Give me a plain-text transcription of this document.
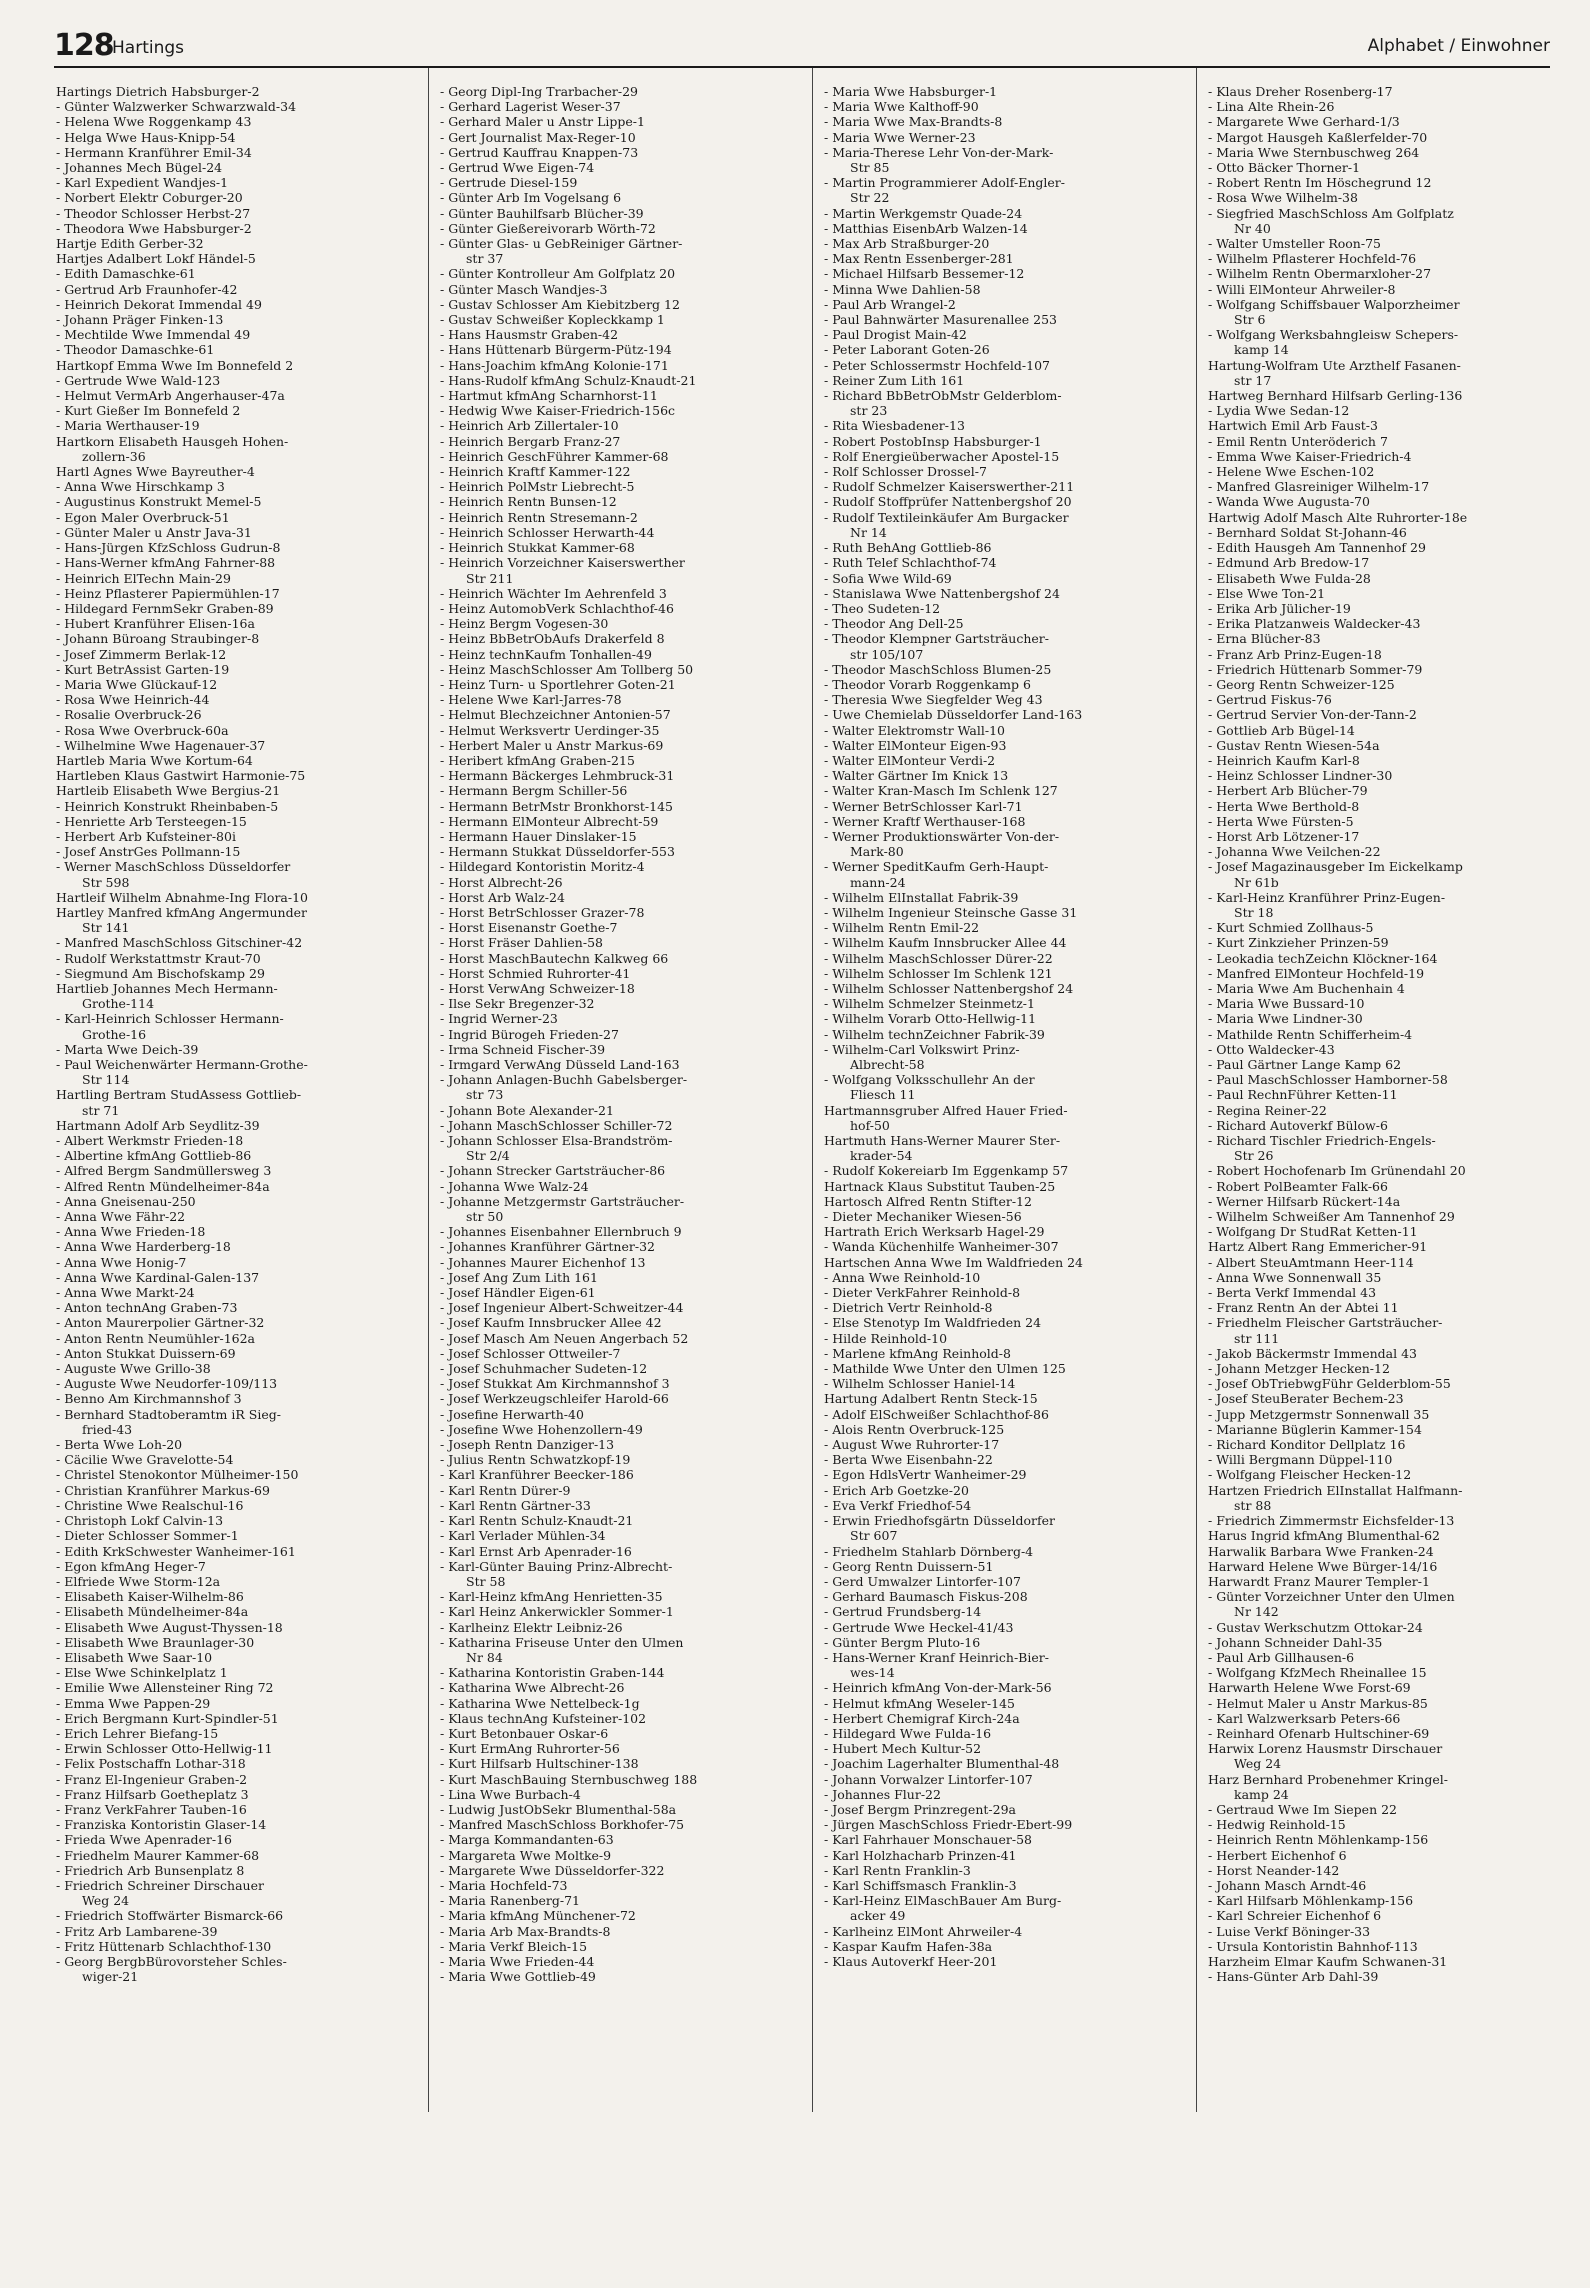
128
Hartings	Alphabet / Einwohner
Hartings Dietrich Habsburger-2
- Günter Walzwerker Schwarzwald-34
- Helena Wwe Roggenkamp 43
- Helga Wwe Haus-Knipp-54
- Hermann Kranführer Emil-34
- Johannes Mech Bügel-24
- Karl Expedient Wandjes-1
- Norbert Elektr Coburger-20
- Theodor Schlosser Herbst-27
- Theodora Wwe Habsburger-2
Hartje Edith Gerber-32
Hartjes Adalbert Lokf Händel-5
- Edith Damaschke-61
- Gertrud Arb Fraunhofer-42
- Heinrich Dekorat Immendal 49
- Johann Präger Finken-13
- Mechtilde Wwe Immendal 49
- Theodor Damaschke-61
Hartkopf Emma Wwe Im Bonnefeld 2
- Gertrude Wwe Wald-123
- Helmut VermArb Angerhauser-47a
- Kurt Gießer Im Bonnefeld 2
- Maria Werthauser-19
Hartkorn Elisabeth Hausgeh Hohen-
zollern-36
Hartl Agnes Wwe Bayreuther-4
- Anna Wwe Hirschkamp 3
- Augustinus Konstrukt Memel-5
- Egon Maler Overbruck-51
- Günter Maler u Anstr Java-31
- Hans-Jürgen KfzSchloss Gudrun-8
- Hans-Werner kfmAng Fahrner-88
- Heinrich ElTechn Main-29
- Heinz Pflasterer Papiermühlen-17
- Hildegard FernmSekr Graben-89
- Hubert Kranführer Elisen-16a
- Johann Büroang Straubinger-8
- Josef Zimmerm Berlak-12
- Kurt BetrAssist Garten-19
- Maria Wwe Glückauf-12
- Rosa Wwe Heinrich-44
- Rosalie Overbruck-26
- Rosa Wwe Overbruck-60a
- Wilhelmine Wwe Hagenauer-37
Hartleb Maria Wwe Kortum-64
Hartleben Klaus Gastwirt Harmonie-75
Hartleib Elisabeth Wwe Bergius-21
- Heinrich Konstrukt Rheinbaben-5
- Henriette Arb Tersteegen-15
- Herbert Arb Kufsteiner-80i
- Josef AnstrGes Pollmann-15
- Werner MaschSchloss Düsseldorfer
Str 598
Hartleif Wilhelm Abnahme-Ing Flora-10
Hartley Manfred kfmAng Angermunder
Str 141
- Manfred MaschSchloss Gitschiner-42
- Rudolf Werkstattmstr Kraut-70
- Siegmund Am Bischofskamp 29
Hartlieb Johannes Mech Hermann-
Grothe-114
- Karl-Heinrich Schlosser Hermann-
Grothe-16
- Marta Wwe Deich-39
- Paul Weichenwärter Hermann-Grothe-
Str 114
Hartling Bertram StudAssess Gottlieb-
str 71
Hartmann Adolf Arb Seydlitz-39
- Albert Werkmstr Frieden-18
- Albertine kfmAng Gottlieb-86
- Alfred Bergm Sandmüllersweg 3
- Alfred Rentn Mündelheimer-84a
- Anna Gneisenau-250
- Anna Wwe Fähr-22
- Anna Wwe Frieden-18
- Anna Wwe Harderberg-18
- Anna Wwe Honig-7
- Anna Wwe Kardinal-Galen-137
- Anna Wwe Markt-24
- Anton technAng Graben-73
- Anton Maurerpolier Gärtner-32
- Anton Rentn Neumühler-162a
- Anton Stukkat Duissern-69
- Auguste Wwe Grillo-38
- Auguste Wwe Neudorfer-109/113
- Benno Am Kirchmannshof 3
- Bernhard Stadtoberamtm iR Sieg-
fried-43
- Berta Wwe Loh-20
- Cäcilie Wwe Gravelotte-54
- Christel Stenokontor Mülheimer-150
- Christian Kranführer Markus-69
- Christine Wwe Realschul-16
- Christoph Lokf Calvin-13
- Dieter Schlosser Sommer-1
- Edith KrkSchwester Wanheimer-161
- Egon kfmAng Heger-7
- Elfriede Wwe Storm-12a
- Elisabeth Kaiser-Wilhelm-86
- Elisabeth Mündelheimer-84a
- Elisabeth Wwe August-Thyssen-18
- Elisabeth Wwe Braunlager-30
- Elisabeth Wwe Saar-10
- Else Wwe Schinkelplatz 1
- Emilie Wwe Allensteiner Ring 72
- Emma Wwe Pappen-29
- Erich Bergmann Kurt-Spindler-51
- Erich Lehrer Biefang-15
- Erwin Schlosser Otto-Hellwig-11
- Felix Postschaffn Lothar-318
- Franz El-Ingenieur Graben-2
- Franz Hilfsarb Goetheplatz 3
- Franz VerkFahrer Tauben-16
- Franziska Kontoristin Glaser-14
- Frieda Wwe Apenrader-16
- Friedhelm Maurer Kammer-68
- Friedrich Arb Bunsenplatz 8
- Friedrich Schreiner Dirschauer
Weg 24
- Friedrich Stoffwärter Bismarck-66
- Fritz Arb Lambarene-39
- Fritz Hüttenarb Schlachthof-130
- Georg BergbBürovorsteher Schles-
wiger-21
- Georg Dipl-Ing Trarbacher-29
- Gerhard Lagerist Weser-37
- Gerhard Maler u Anstr Lippe-1
- Gert Journalist Max-Reger-10
- Gertrud Kauffrau Knappen-73
- Gertrud Wwe Eigen-74
- Gertrude Diesel-159
- Günter Arb Im Vogelsang 6
- Günter Bauhilfsarb Blücher-39
- Günter Gießereivorarb Wörth-72
- Günter Glas- u GebReiniger Gärtner-
str 37
- Günter Kontrolleur Am Golfplatz 20
- Günter Masch Wandjes-3
- Gustav Schlosser Am Kiebitzberg 12
- Gustav Schweißer Kopleckkamp 1
- Hans Hausmstr Graben-42
- Hans Hüttenarb Bürgerm-Pütz-194
- Hans-Joachim kfmAng Kolonie-171
- Hans-Rudolf kfmAng Schulz-Knaudt-21
- Hartmut kfmAng Scharnhorst-11
- Hedwig Wwe Kaiser-Friedrich-156c
- Heinrich Arb Zillertaler-10
- Heinrich Bergarb Franz-27
- Heinrich GeschFührer Kammer-68
- Heinrich Kraftf Kammer-122
- Heinrich PolMstr Liebrecht-5
- Heinrich Rentn Bunsen-12
- Heinrich Rentn Stresemann-2
- Heinrich Schlosser Herwarth-44
- Heinrich Stukkat Kammer-68
- Heinrich Vorzeichner Kaiserswerther
Str 211
- Heinrich Wächter Im Aehrenfeld 3
- Heinz AutomobVerk Schlachthof-46
- Heinz Bergm Vogesen-30
- Heinz BbBetrObAufs Drakerfeld 8
- Heinz technKaufm Tonhallen-49
- Heinz MaschSchlosser Am Tollberg 50
- Heinz Turn- u Sportlehrer Goten-21
- Helene Wwe Karl-Jarres-78
- Helmut Blechzeichner Antonien-57
- Helmut Werksvertr Uerdinger-35
- Herbert Maler u Anstr Markus-69
- Heribert kfmAng Graben-215
- Hermann Bäckerges Lehmbruck-31
- Hermann Bergm Schiller-56
- Hermann BetrMstr Bronkhorst-145
- Hermann ElMonteur Albrecht-59
- Hermann Hauer Dinslaker-15
- Hermann Stukkat Düsseldorfer-553
- Hildegard Kontoristin Moritz-4
- Horst Albrecht-26
- Horst Arb Walz-24
- Horst BetrSchlosser Grazer-78
- Horst Eisenanstr Goethe-7
- Horst Fräser Dahlien-58
- Horst MaschBautechn Kalkweg 66
- Horst Schmied Ruhrorter-41
- Horst VerwAng Schweizer-18
- Ilse Sekr Bregenzer-32
- Ingrid Werner-23
- Ingrid Bürogeh Frieden-27
- Irma Schneid Fischer-39
- Irmgard VerwAng Düsseld Land-163
- Johann Anlagen-Buchh Gabelsberger-
str 73
- Johann Bote Alexander-21
- Johann MaschSchlosser Schiller-72
- Johann Schlosser Elsa-Brandström-
Str 2/4
- Johann Strecker Gartsträucher-86
- Johanna Wwe Walz-24
- Johanne Metzgermstr Gartsträucher-
str 50
- Johannes Eisenbahner Ellernbruch 9
- Johannes Kranführer Gärtner-32
- Johannes Maurer Eichenhof 13
- Josef Ang Zum Lith 161
- Josef Händler Eigen-61
- Josef Ingenieur Albert-Schweitzer-44
- Josef Kaufm Innsbrucker Allee 42
- Josef Masch Am Neuen Angerbach 52
- Josef Schlosser Ottweiler-7
- Josef Schuhmacher Sudeten-12
- Josef Stukkat Am Kirchmannshof 3
- Josef Werkzeugschleifer Harold-66
- Josefine Herwarth-40
- Josefine Wwe Hohenzollern-49
- Joseph Rentn Danziger-13
- Julius Rentn Schwatzkopf-19
- Karl Kranführer Beecker-186
- Karl Rentn Dürer-9
- Karl Rentn Gärtner-33
- Karl Rentn Schulz-Knaudt-21
- Karl Verlader Mühlen-34
- Karl Ernst Arb Apenrader-16
- Karl-Günter Bauing Prinz-Albrecht-
Str 58
- Karl-Heinz kfmAng Henrietten-35
- Karl Heinz Ankerwickler Sommer-1
- Karlheinz Elektr Leibniz-26
- Katharina Friseuse Unter den Ulmen
Nr 84
- Katharina Kontoristin Graben-144
- Katharina Wwe Albrecht-26
- Katharina Wwe Nettelbeck-1g
- Klaus technAng Kufsteiner-102
- Kurt Betonbauer Oskar-6
- Kurt ErmAng Ruhrorter-56
- Kurt Hilfsarb Hultschiner-138
- Kurt MaschBauing Sternbuschweg 188
- Lina Wwe Burbach-4
- Ludwig JustObSekr Blumenthal-58a
- Manfred MaschSchloss Borkhofer-75
- Marga Kommandanten-63
- Margareta Wwe Moltke-9
- Margarete Wwe Düsseldorfer-322
- Maria Hochfeld-73
- Maria Ranenberg-71
- Maria kfmAng Münchener-72
- Maria Arb Max-Brandts-8
- Maria Verkf Bleich-15
- Maria Wwe Frieden-44
- Maria Wwe Gottlieb-49
- Maria Wwe Habsburger-1
- Maria Wwe Kalthoff-90
- Maria Wwe Max-Brandts-8
- Maria Wwe Werner-23
- Maria-Therese Lehr Von-der-Mark-
Str 85
- Martin Programmierer Adolf-Engler-
Str 22
- Martin Werkgemstr Quade-24
- Matthias EisenbArb Walzen-14
- Max Arb Straßburger-20
- Max Rentn Essenberger-281
- Michael Hilfsarb Bessemer-12
- Minna Wwe Dahlien-58
- Paul Arb Wrangel-2
- Paul Bahnwärter Masurenallee 253
- Paul Drogist Main-42
- Peter Laborant Goten-26
- Peter Schlossermstr Hochfeld-107
- Reiner Zum Lith 161
- Richard BbBetrObMstr Gelderblom-
str 23
- Rita Wiesbadener-13
- Robert PostobInsp Habsburger-1
- Rolf Energieüberwacher Apostel-15
- Rolf Schlosser Drossel-7
- Rudolf Schmelzer Kaiserswerther-211
- Rudolf Stoffprüfer Nattenbergshof 20
- Rudolf Textileinkäufer Am Burgacker
Nr 14
- Ruth BehAng Gottlieb-86
- Ruth Telef Schlachthof-74
- Sofia Wwe Wild-69
- Stanislawa Wwe Nattenbergshof 24
- Theo Sudeten-12
- Theodor Ang Dell-25
- Theodor Klempner Gartsträucher-
str 105/107
- Theodor MaschSchloss Blumen-25
- Theodor Vorarb Roggenkamp 6
- Theresia Wwe Siegfelder Weg 43
- Uwe Chemielab Düsseldorfer Land-163
- Walter Elektromstr Wall-10
- Walter ElMonteur Eigen-93
- Walter ElMonteur Verdi-2
- Walter Gärtner Im Knick 13
- Walter Kran-Masch Im Schlenk 127
- Werner BetrSchlosser Karl-71
- Werner Kraftf Werthauser-168
- Werner Produktionswärter Von-der-
Mark-80
- Werner SpeditKaufm Gerh-Haupt-
mann-24
- Wilhelm ElInstallat Fabrik-39
- Wilhelm Ingenieur Steinsche Gasse 31
- Wilhelm Rentn Emil-22
- Wilhelm Kaufm Innsbrucker Allee 44
- Wilhelm MaschSchlosser Dürer-22
- Wilhelm Schlosser Im Schlenk 121
- Wilhelm Schlosser Nattenbergshof 24
- Wilhelm Schmelzer Steinmetz-1
- Wilhelm Vorarb Otto-Hellwig-11
- Wilhelm technZeichner Fabrik-39
- Wilhelm-Carl Volkswirt Prinz-
Albrecht-58
- Wolfgang Volksschullehr An der
Fliesch 11
Hartmannsgruber Alfred Hauer Fried-
hof-50
Hartmuth Hans-Werner Maurer Ster-
krader-54
- Rudolf Kokereiarb Im Eggenkamp 57
Hartnack Klaus Substitut Tauben-25
Hartosch Alfred Rentn Stifter-12
- Dieter Mechaniker Wiesen-56
Hartrath Erich Werksarb Hagel-29
- Wanda Küchenhilfe Wanheimer-307
Hartschen Anna Wwe Im Waldfrieden 24
- Anna Wwe Reinhold-10
- Dieter VerkFahrer Reinhold-8
- Dietrich Vertr Reinhold-8
- Else Stenotyp Im Waldfrieden 24
- Hilde Reinhold-10
- Marlene kfmAng Reinhold-8
- Mathilde Wwe Unter den Ulmen 125
- Wilhelm Schlosser Haniel-14
Hartung Adalbert Rentn Steck-15
- Adolf ElSchweißer Schlachthof-86
- Alois Rentn Overbruck-125
- August Wwe Ruhrorter-17
- Berta Wwe Eisenbahn-22
- Egon HdlsVertr Wanheimer-29
- Erich Arb Goetzke-20
- Eva Verkf Friedhof-54
- Erwin Friedhofsgärtn Düsseldorfer
Str 607
- Friedhelm Stahlarb Dörnberg-4
- Georg Rentn Duissern-51
- Gerd Umwalzer Lintorfer-107
- Gerhard Baumasch Fiskus-208
- Gertrud Frundsberg-14
- Gertrude Wwe Heckel-41/43
- Günter Bergm Pluto-16
- Hans-Werner Kranf Heinrich-Bier-
wes-14
- Heinrich kfmAng Von-der-Mark-56
- Helmut kfmAng Weseler-145
- Herbert Chemigraf Kirch-24a
- Hildegard Wwe Fulda-16
- Hubert Mech Kultur-52
- Joachim Lagerhalter Blumenthal-48
- Johann Vorwalzer Lintorfer-107
- Johannes Flur-22
- Josef Bergm Prinzregent-29a
- Jürgen MaschSchloss Friedr-Ebert-99
- Karl Fahrhauer Monschauer-58
- Karl Holzhacharb Prinzen-41
- Karl Rentn Franklin-3
- Karl Schiffsmasch Franklin-3
- Karl-Heinz ElMaschBauer Am Burg-
acker 49
- Karlheinz ElMont Ahrweiler-4
- Kaspar Kaufm Hafen-38a
- Klaus Autoverkf Heer-201
- Klaus Dreher Rosenberg-17
- Lina Alte Rhein-26
- Margarete Wwe Gerhard-1/3
- Margot Hausgeh Kaßlerfelder-70
- Maria Wwe Sternbuschweg 264
- Otto Bäcker Thorner-1
- Robert Rentn Im Höschegrund 12
- Rosa Wwe Wilhelm-38
- Siegfried MaschSchloss Am Golfplatz
Nr 40
- Walter Umsteller Roon-75
- Wilhelm Pflasterer Hochfeld-76
- Wilhelm Rentn Obermarxloher-27
- Willi ElMonteur Ahrweiler-8
- Wolfgang Schiffsbauer Walporzheimer
Str 6
- Wolfgang Werksbahngleisw Schepers-
kamp 14
Hartung-Wolfram Ute Arzthelf Fasanen-
str 17
Hartweg Bernhard Hilfsarb Gerling-136
- Lydia Wwe Sedan-12
Hartwich Emil Arb Faust-3
- Emil Rentn Unteröderich 7
- Emma Wwe Kaiser-Friedrich-4
- Helene Wwe Eschen-102
- Manfred Glasreiniger Wilhelm-17
- Wanda Wwe Augusta-70
Hartwig Adolf Masch Alte Ruhrorter-18e
- Bernhard Soldat St-Johann-46
- Edith Hausgeh Am Tannenhof 29
- Edmund Arb Bredow-17
- Elisabeth Wwe Fulda-28
- Else Wwe Ton-21
- Erika Arb Jülicher-19
- Erika Platzanweis Waldecker-43
- Erna Blücher-83
- Franz Arb Prinz-Eugen-18
- Friedrich Hüttenarb Sommer-79
- Georg Rentn Schweizer-125
- Gertrud Fiskus-76
- Gertrud Servier Von-der-Tann-2
- Gottlieb Arb Bügel-14
- Gustav Rentn Wiesen-54a
- Heinrich Kaufm Karl-8
- Heinz Schlosser Lindner-30
- Herbert Arb Blücher-79
- Herta Wwe Berthold-8
- Herta Wwe Fürsten-5
- Horst Arb Lötzener-17
- Johanna Wwe Veilchen-22
- Josef Magazinausgeber Im Eickelkamp
Nr 61b
- Karl-Heinz Kranführer Prinz-Eugen-
Str 18
- Kurt Schmied Zollhaus-5
- Kurt Zinkzieher Prinzen-59
- Leokadia techZeichn Klöckner-164
- Manfred ElMonteur Hochfeld-19
- Maria Wwe Am Buchenhain 4
- Maria Wwe Bussard-10
- Maria Wwe Lindner-30
- Mathilde Rentn Schifferheim-4
- Otto Waldecker-43
- Paul Gärtner Lange Kamp 62
- Paul MaschSchlosser Hamborner-58
- Paul RechnFührer Ketten-11
- Regina Reiner-22
- Richard Autoverkf Bülow-6
- Richard Tischler Friedrich-Engels-
Str 26
- Robert Hochofenarb Im Grünendahl 20
- Robert PolBeamter Falk-66
- Werner Hilfsarb Rückert-14a
- Wilhelm Schweißer Am Tannenhof 29
- Wolfgang Dr StudRat Ketten-11
Hartz Albert Rang Emmericher-91
- Albert SteuAmtmann Heer-114
- Anna Wwe Sonnenwall 35
- Berta Verkf Immendal 43
- Franz Rentn An der Abtei 11
- Friedhelm Fleischer Gartsträucher-
str 111
- Jakob Bäckermstr Immendal 43
- Johann Metzger Hecken-12
- Josef ObTriebwgFühr Gelderblom-55
- Josef SteuBerater Bechem-23
- Jupp Metzgermstr Sonnenwall 35
- Marianne Büglerin Kammer-154
- Richard Konditor Dellplatz 16
- Willi Bergmann Düppel-110
- Wolfgang Fleischer Hecken-12
Hartzen Friedrich ElInstallat Halfmann-
str 88
- Friedrich Zimmermstr Eichsfelder-13
Harus Ingrid kfmAng Blumenthal-62
Harwalik Barbara Wwe Franken-24
Harward Helene Wwe Bürger-14/16
Harwardt Franz Maurer Templer-1
- Günter Vorzeichner Unter den Ulmen
Nr 142
- Gustav Werkschutzm Ottokar-24
- Johann Schneider Dahl-35
- Paul Arb Gillhausen-6
- Wolfgang KfzMech Rheinallee 15
Harwarth Helene Wwe Forst-69
- Helmut Maler u Anstr Markus-85
- Karl Walzwerksarb Peters-66
- Reinhard Ofenarb Hultschiner-69
Harwix Lorenz Hausmstr Dirschauer
Weg 24
Harz Bernhard Probenehmer Kringel-
kamp 24
- Gertraud Wwe Im Siepen 22
- Hedwig Reinhold-15
- Heinrich Rentn Möhlenkamp-156
- Herbert Eichenhof 6
- Horst Neander-142
- Johann Masch Arndt-46
- Karl Hilfsarb Möhlenkamp-156
- Karl Schreier Eichenhof 6
- Luise Verkf Böninger-33
- Ursula Kontoristin Bahnhof-113
Harzheim Elmar Kaufm Schwanen-31
- Hans-Günter Arb Dahl-39
